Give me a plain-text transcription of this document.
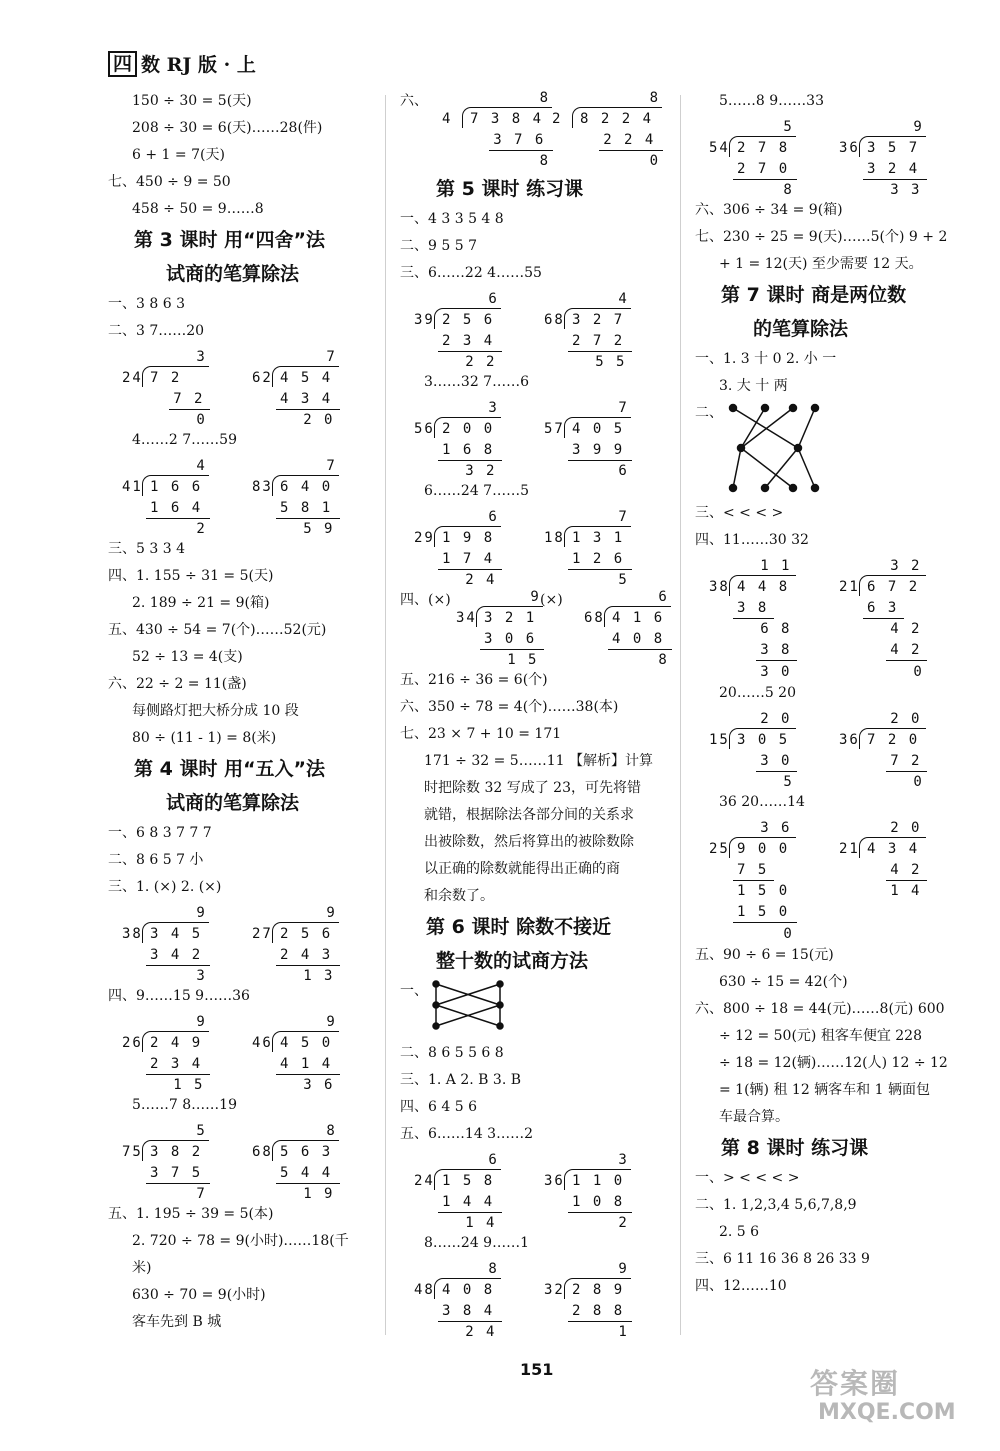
四 数 RJ 版 · 上
150 ÷ 30 = 5(天)
208 ÷ 30 = 6(天)……28(件)
6 + 1 = 7(天)
七、450 ÷ 9 = 50
458 ÷ 50 = 9……8
第 3 课时 用“四舍”法
试商的笔算除法
一、3 8 6 3
二、3 7……20
24 7 2
3
7 2
0
62 4 5 4
7
4 3 4
2 0
4……2 7……59
41 1 6 6
4
1 6 4
2
83 6 4 0
7
5 8 1
5 9
三、5 3 3 4
四、1. 155 ÷ 31 = 5(天)
2. 189 ÷ 21 = 9(箱)
五、430 ÷ 54 = 7(个)……52(元)
52 ÷ 13 = 4(支)
六、22 ÷ 2 = 11(盏)
每侧路灯把大桥分成 10 段
80 ÷ (11 - 1) = 8(米)
第 4 课时 用“五入”法
试商的笔算除法
一、6 8 3 7 7 7
二、8 6 5 7 小
三、1. (×) 2. (×)
38 3 4 5
9
3 4 2
3
27 2 5 6
9
2 4 3
1 3
四、9……15 9……36
26 2 4 9
9
2 3 4
1 5
46 4 5 0
9
4 1 4
3 6
5……7 8……19
75 3 8 2
5
3 7 5
7
68 5 6 3
8
5 4 4
1 9
五、1. 195 ÷ 39 = 5(本)
2. 720 ÷ 78 = 9(小时)……18(千
米)
630 ÷ 70 = 9(小时)
客车先到 B 城
六、
4 7 3 8 4
8
3 7 6
8
2 8 2 2 4
8
2 2 4
0
第 5 课时 练习课
一、4 3 3 5 4 8
二、9 5 5 7
三、6……22 4……55
39 2 5 6
6
2 3 4
2 2
68 3 2 7
4
2 7 2
5 5
3……32 7……6
56 2 0 0
3
1 6 8
3 2
57 4 0 5
7
3 9 9
6
6……24 7……5
29 1 9 8
6
1 7 4
2 4
18 1 3 1
7
1 2 6
5
四、(×)
34 3 2 1
9
3 0 6
1 5
(×)
68 4 1 6
6
4 0 8
8
五、216 ÷ 36 = 6(个)
六、350 ÷ 78 = 4(个)……38(本)
七、23 × 7 + 10 = 171
171 ÷ 32 = 5……11 【解析】计算
时把除数 32 写成了 23，可先将错
就错，根据除法各部分间的关系求
出被除数，然后将算出的被除数除
以正确的除数就能得出正确的商
和余数了。
第 6 课时 除数不接近
整十数的试商方法
一、
二、8 6 5 5 6 8
三、1. A 2. B 3. B
四、6 4 5 6
五、6……14 3……2
24 1 5 8
6
1 4 4
1 4
36 1 1 0
3
1 0 8
2
8……24 9……1
48 4 0 8
8
3 8 4
2 4
32 2 8 9
9
2 8 8
1
5……8 9……33
54 2 7 8
5
2 7 0
8
36 3 5 7
9
3 2 4
3 3
六、306 ÷ 34 = 9(箱)
七、230 ÷ 25 = 9(天)……5(个) 9 + 2
+ 1 = 12(天) 至少需要 12 天。
第 7 课时 商是两位数
的笔算除法
一、1. 3 十 0 2. 小 一
3. 大 十 两
二、
三、< < < >
四、11……30 32
38 4 4 8
1 1
3 8
6 8
3 8
3 0
21 6 7 2
3 2
6 3
4 2
4 2
0
20……5 20
15 3 0 5
2 0
3 0
5
36 7 2 0
2 0
7 2
0
36 20……14
25 9 0 0
3 6
7 5
1 5 0
1 5 0
0
21 4 3 4
2 0
4 2
1 4
五、90 ÷ 6 = 15(元)
630 ÷ 15 = 42(个)
六、800 ÷ 18 = 44(元)……8(元) 600
÷ 12 = 50(元) 租客车便宜 228
÷ 18 = 12(辆)……12(人) 12 ÷ 12
= 1(辆) 租 12 辆客车和 1 辆面包
车最合算。
第 8 课时 练习课
一、> < < < >
二、1. 1,2,3,4 5,6,7,8,9
2. 5 6
三、6 11 16 36 8 26 33 9
四、12……10
151	答案圈
MXQE.COM
